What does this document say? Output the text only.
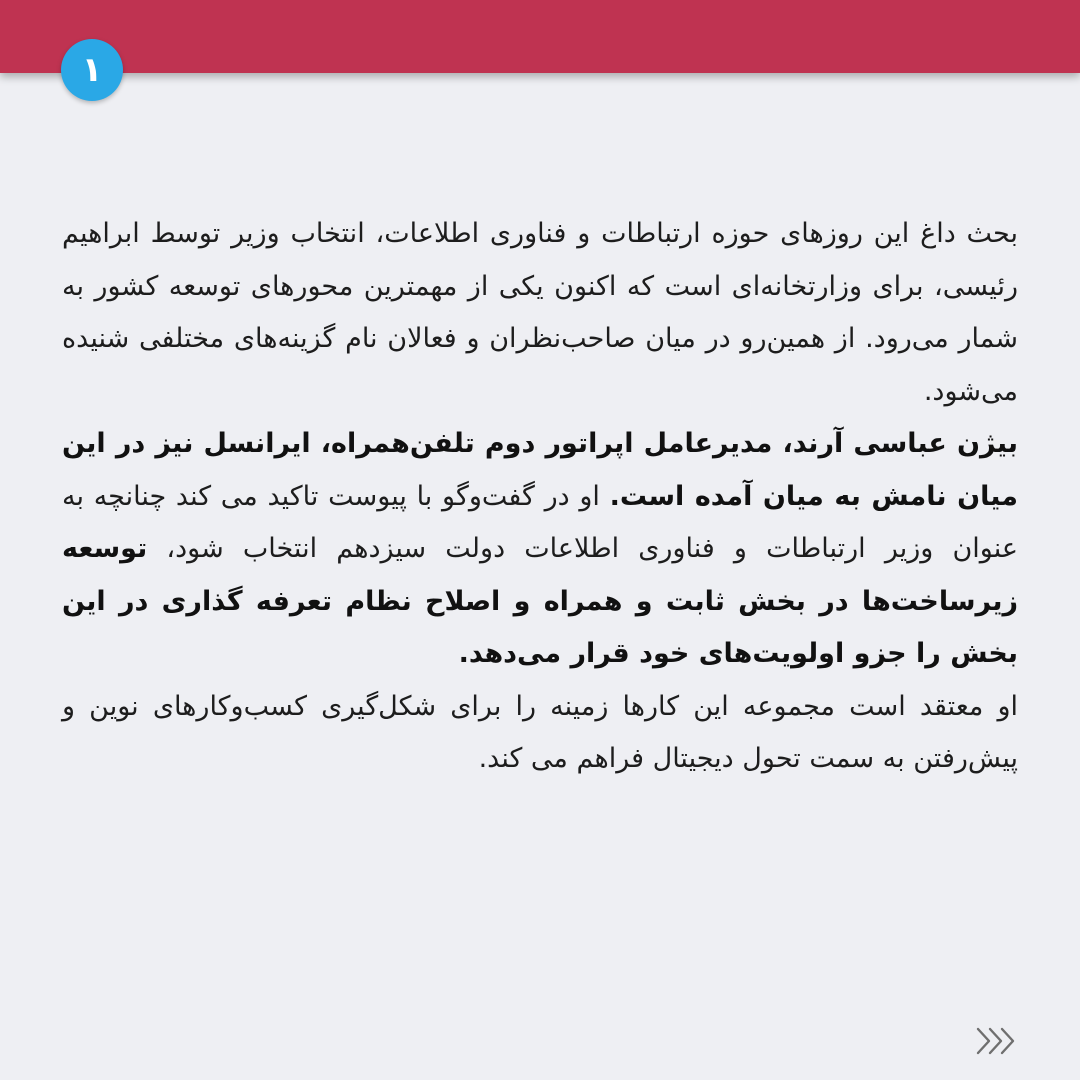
۱

بحث داغ این روزهای حوزه ارتباطات و فناوری اطلاعات، انتخاب وزیر توسط ابراهیم رئیسی، برای وزارتخانه‌ای است که اکنون یکی از مهمترین محورهای توسعه کشور به شمار می‌رود. از همین‌رو در میان صاحب‌نظران و فعالان نام گزینه‌های مختلفی شنیده می‌شود.

بیژن عباسی آرند، مدیرعامل اپراتور دوم تلفن‌همراه، ایرانسل نیز در این میان نامش به میان آمده است. او در گفت‌وگو با پیوست تاکید می کند چنانچه به عنوان وزیر ارتباطات و فناوری اطلاعات دولت سیزدهم انتخاب شود، توسعه زیرساخت‌ها در بخش ثابت و همراه و اصلاح نظام تعرفه گذاری در این بخش را جزو اولویت‌های خود قرار می‌دهد.

او معتقد است مجموعه این کارها زمینه را برای شکل‌گیری کسب‌وکارهای نوین و پیش‌رفتن به سمت تحول دیجیتال فراهم می کند.
